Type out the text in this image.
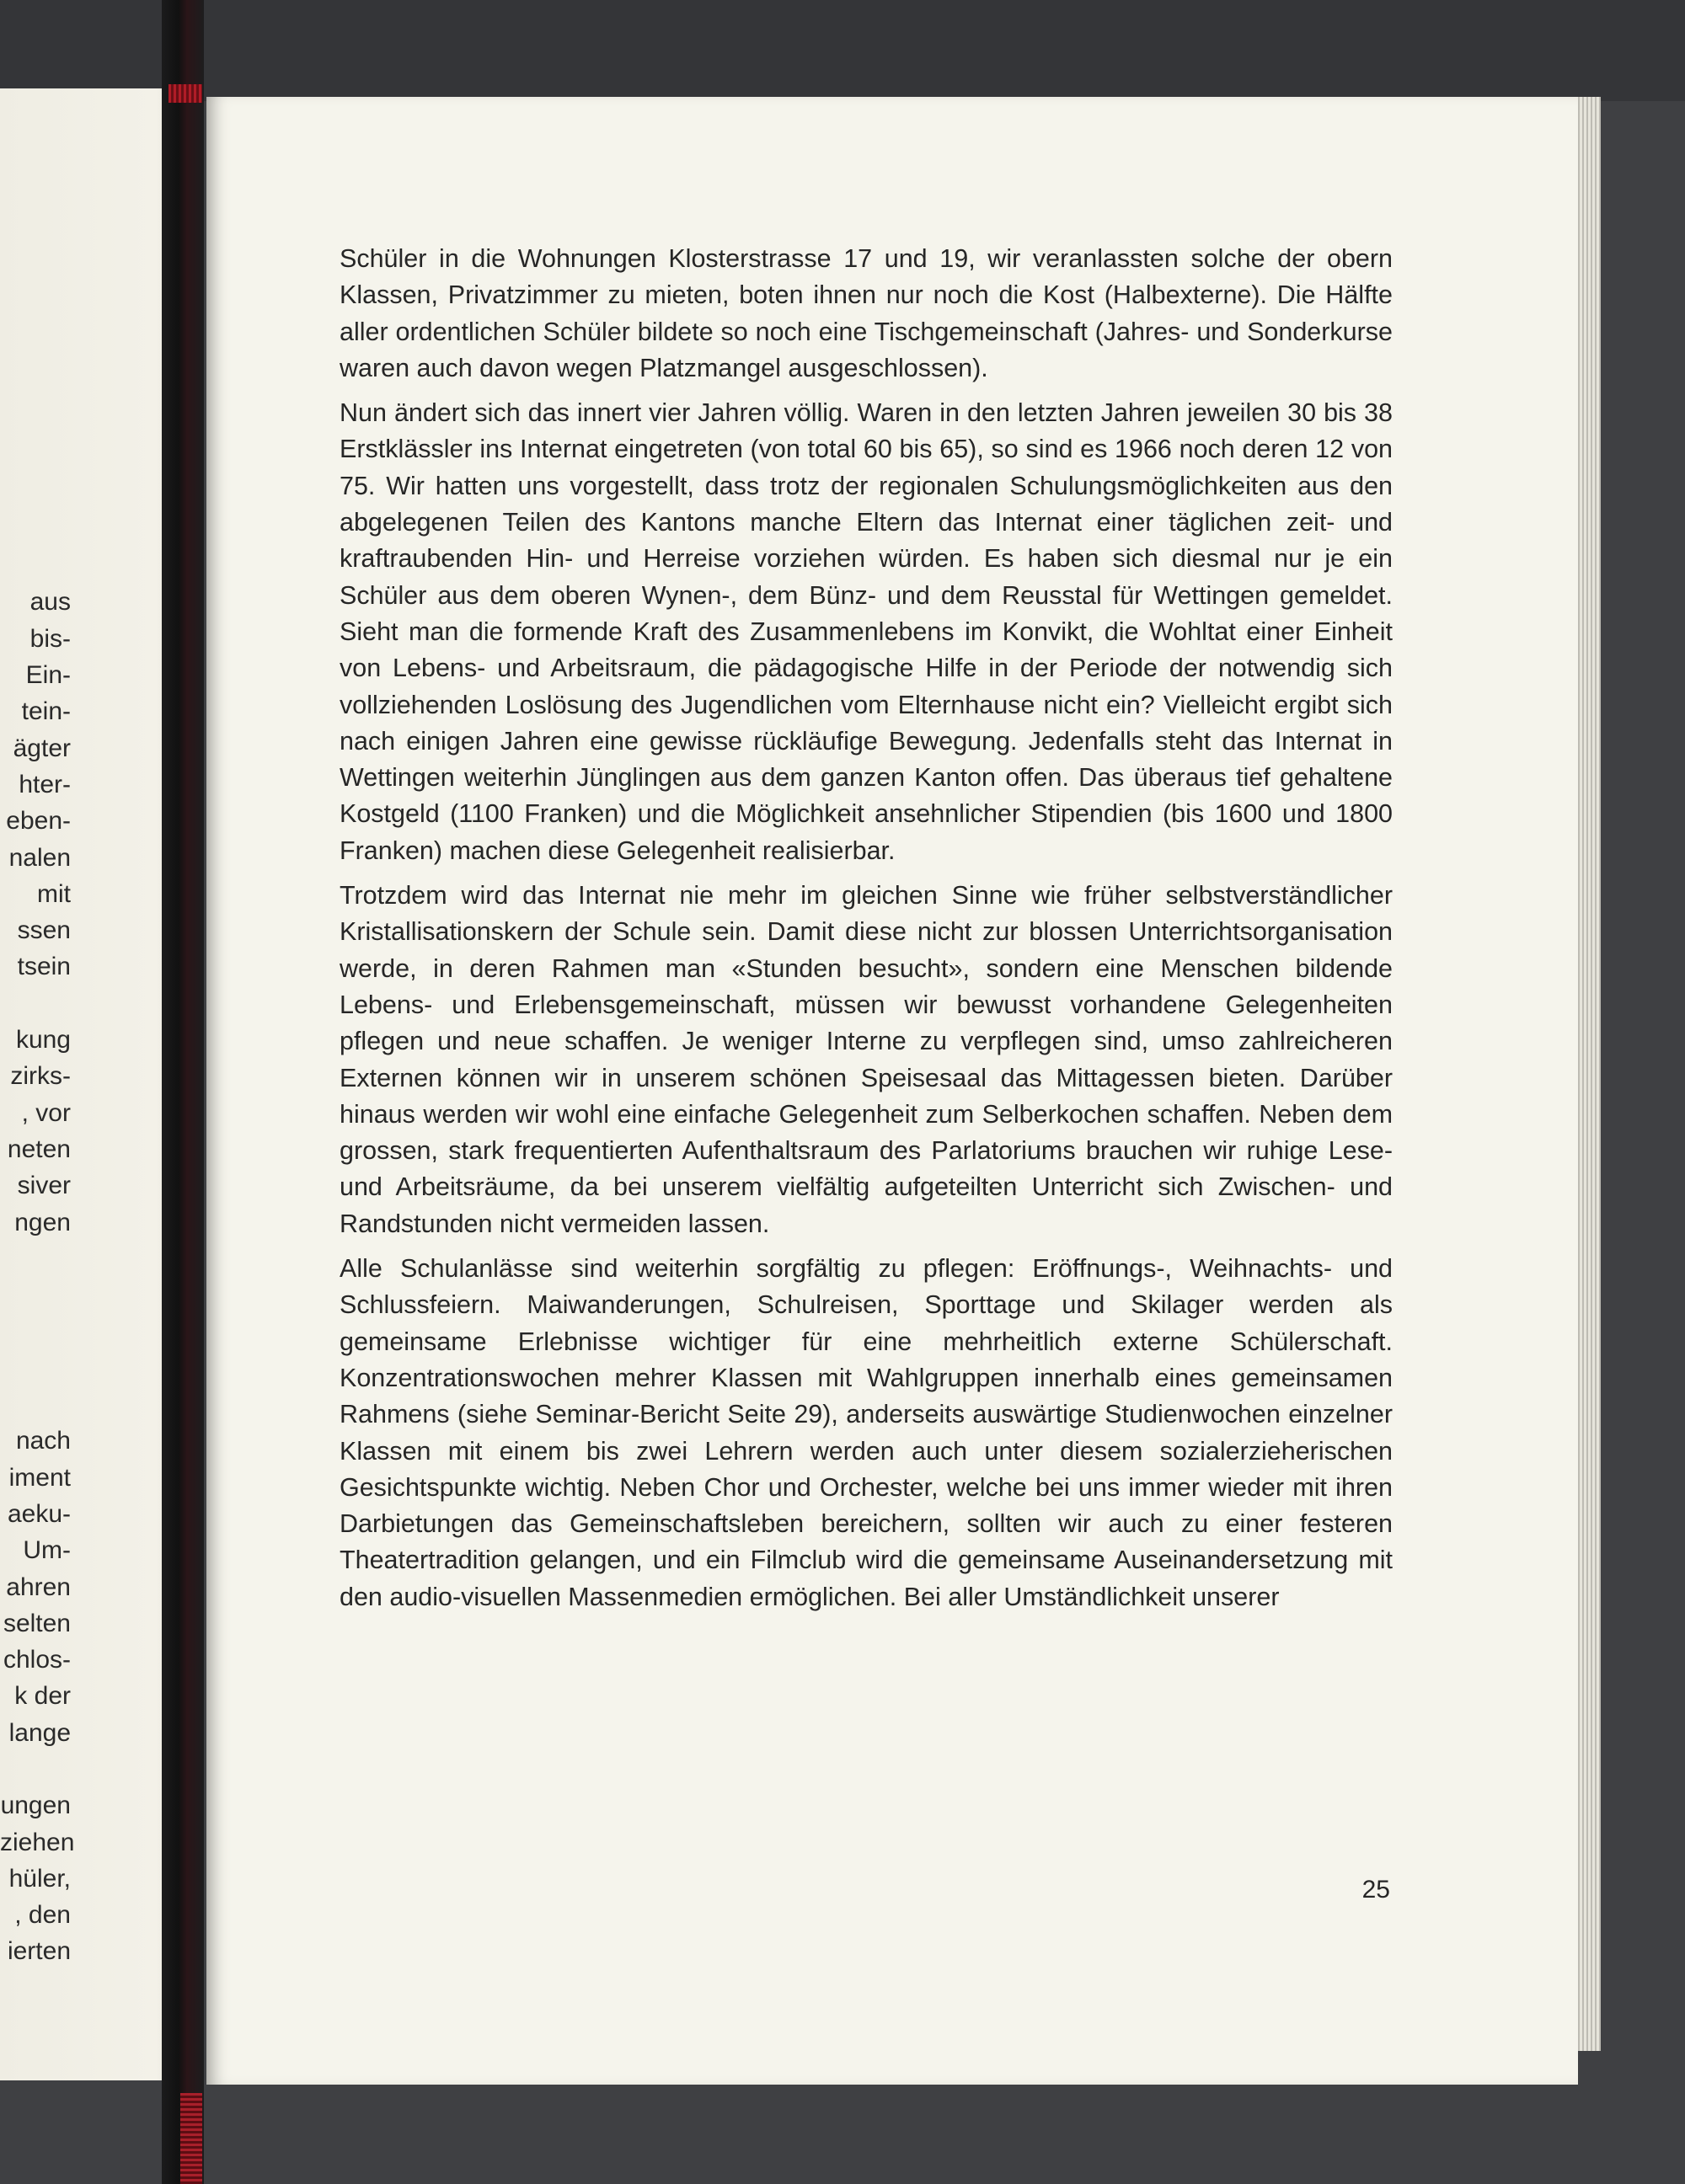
aus
bis-
Ein-
tein-
ägter
hter-
eben-
nalen
mit
ssen
tsein

kung
zirks-
, vor
neten
siver
ngen

nach
iment
aeku-
Um-
ahren
selten
chlos-
k der
lange

ungen
ziehen
hüler,
, den
ierten

Schüler in die Wohnungen Klosterstrasse 17 und 19, wir veranlassten solche der obern Klassen, Privatzimmer zu mieten, boten ihnen nur noch die Kost (Halbexterne). Die Hälfte aller ordentlichen Schüler bildete so noch eine Tischgemeinschaft (Jahres- und Sonderkurse waren auch davon wegen Platzmangel ausgeschlossen).

Nun ändert sich das innert vier Jahren völlig. Waren in den letzten Jahren jeweilen 30 bis 38 Erstklässler ins Internat eingetreten (von total 60 bis 65), so sind es 1966 noch deren 12 von 75. Wir hatten uns vorgestellt, dass trotz der regionalen Schulungsmöglichkeiten aus den abgelegenen Teilen des Kantons manche Eltern das Internat einer täglichen zeit- und kraftraubenden Hin- und Herreise vorziehen würden. Es haben sich diesmal nur je ein Schüler aus dem oberen Wynen-, dem Bünz- und dem Reusstal für Wettingen gemeldet. Sieht man die formende Kraft des Zusammenlebens im Konvikt, die Wohltat einer Einheit von Lebens- und Arbeitsraum, die pädagogische Hilfe in der Periode der notwendig sich vollziehenden Loslösung des Jugendlichen vom Elternhause nicht ein? Vielleicht ergibt sich nach einigen Jahren eine gewisse rückläufige Bewegung. Jedenfalls steht das Internat in Wettingen weiterhin Jünglingen aus dem ganzen Kanton offen. Das überaus tief gehaltene Kostgeld (1100 Franken) und die Möglichkeit ansehnlicher Stipendien (bis 1600 und 1800 Franken) machen diese Gelegenheit realisierbar.

Trotzdem wird das Internat nie mehr im gleichen Sinne wie früher selbstverständlicher Kristallisationskern der Schule sein. Damit diese nicht zur blossen Unterrichtsorganisation werde, in deren Rahmen man «Stunden besucht», sondern eine Menschen bildende Lebens- und Erlebensgemeinschaft, müssen wir bewusst vorhandene Gelegenheiten pflegen und neue schaffen. Je weniger Interne zu verpflegen sind, umso zahlreicheren Externen können wir in unserem schönen Speisesaal das Mittagessen bieten. Darüber hinaus werden wir wohl eine einfache Gelegenheit zum Selberkochen schaffen. Neben dem grossen, stark frequentierten Aufenthaltsraum des Parlatoriums brauchen wir ruhige Lese- und Arbeitsräume, da bei unserem vielfältig aufgeteilten Unterricht sich Zwischen- und Randstunden nicht vermeiden lassen.

Alle Schulanlässe sind weiterhin sorgfältig zu pflegen: Eröffnungs-, Weihnachts- und Schlussfeiern. Maiwanderungen, Schulreisen, Sporttage und Skilager werden als gemeinsame Erlebnisse wichtiger für eine mehrheitlich externe Schülerschaft. Konzentrationswochen mehrer Klassen mit Wahlgruppen innerhalb eines gemeinsamen Rahmens (siehe Seminar-Bericht Seite 29), anderseits auswärtige Studienwochen einzelner Klassen mit einem bis zwei Lehrern werden auch unter diesem sozialerzieherischen Gesichtspunkte wichtig. Neben Chor und Orchester, welche bei uns immer wieder mit ihren Darbietungen das Gemeinschaftsleben bereichern, sollten wir auch zu einer festeren Theatertradition gelangen, und ein Filmclub wird die gemeinsame Auseinandersetzung mit den audio-visuellen Massenmedien ermöglichen. Bei aller Umständlichkeit unserer

25
